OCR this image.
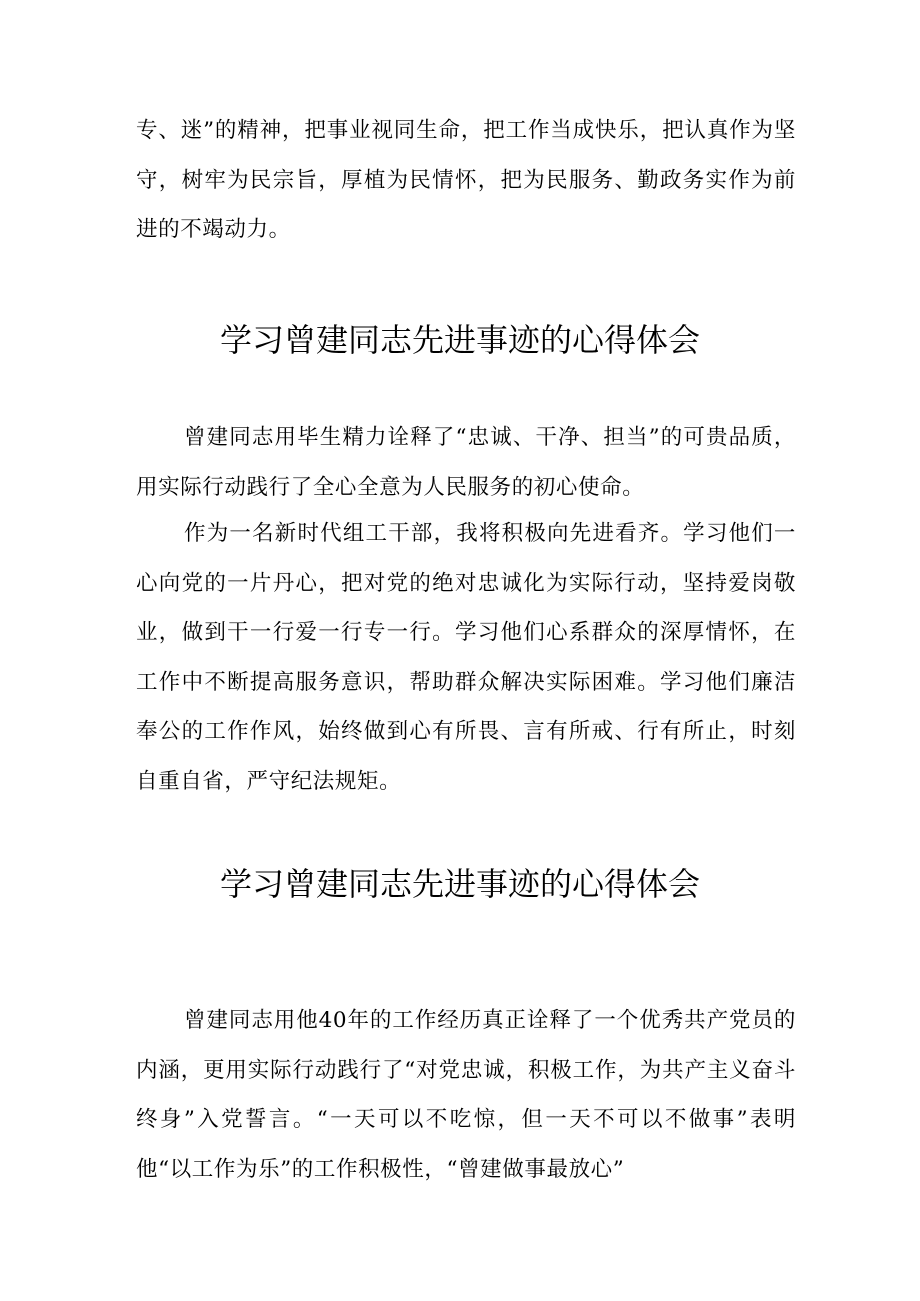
专、迷”的精神，把事业视同生命，把工作当成快乐，把认真作为坚守，树牢为民宗旨，厚植为民情怀，把为民服务、勤政务实作为前进的不竭动力。

学习曾建同志先进事迹的心得体会

曾建同志用毕生精力诠释了“忠诚、干净、担当”的可贵品质，用实际行动践行了全心全意为人民服务的初心使命。

作为一名新时代组工干部，我将积极向先进看齐。学习他们一心向党的一片丹心，把对党的绝对忠诚化为实际行动，坚持爱岗敬业，做到干一行爱一行专一行。学习他们心系群众的深厚情怀，在工作中不断提高服务意识，帮助群众解决实际困难。学习他们廉洁奉公的工作作风，始终做到心有所畏、言有所戒、行有所止，时刻自重自省，严守纪法规矩。

学习曾建同志先进事迹的心得体会

曾建同志用他40年的工作经历真正诠释了一个优秀共产党员的内涵，更用实际行动践行了“对党忠诚，积极工作，为共产主义奋斗终身”入党誓言。“一天可以不吃惊，但一天不可以不做事”表明他“以工作为乐”的工作积极性，“曾建做事最放心”
